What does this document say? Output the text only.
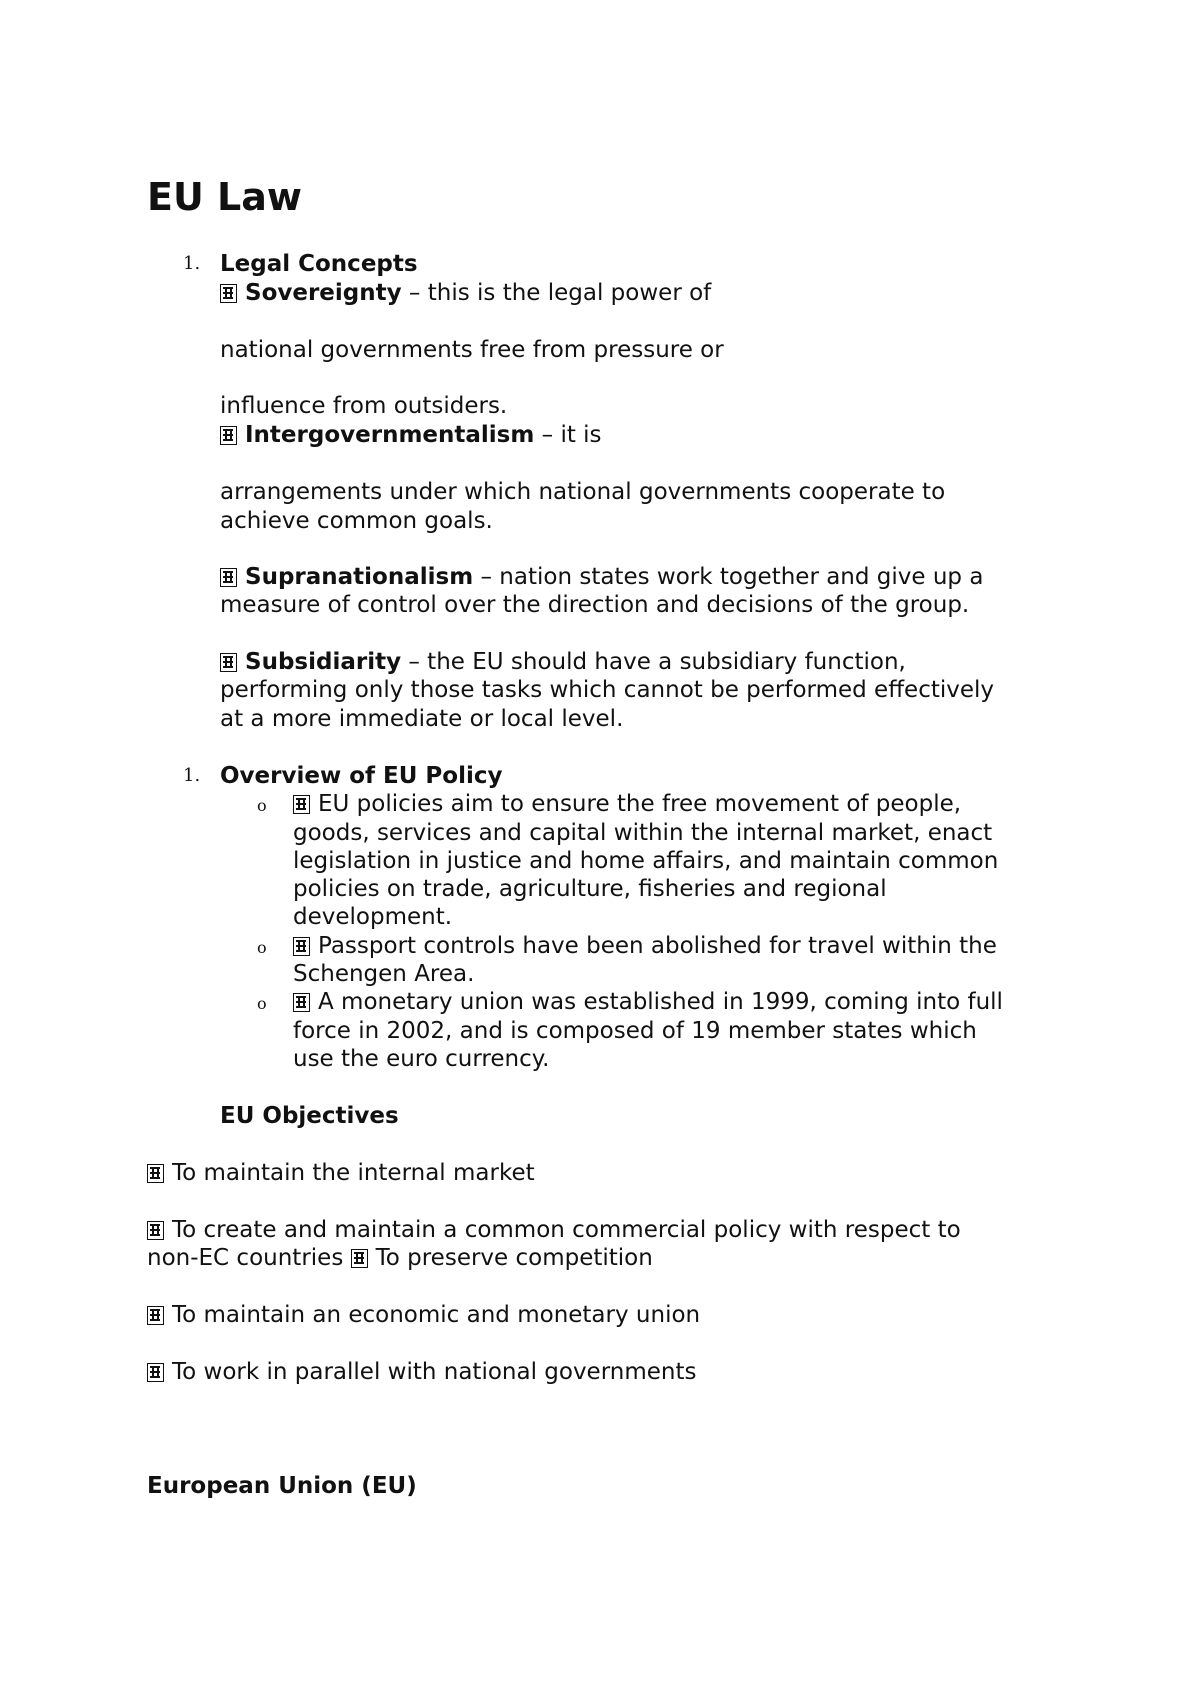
EU Law
1. Legal Concepts
Sovereignty – this is the legal power of
national governments free from pressure or
influence from outsiders.
Intergovernmentalism – it is
arrangements under which national governments cooperate to
achieve common goals.
Supranationalism – nation states work together and give up a
measure of control over the direction and decisions of the group.
Subsidiarity – the EU should have a subsidiary function,
performing only those tasks which cannot be performed effectively
at a more immediate or local level.
1. Overview of EU Policy
o	EU policies aim to ensure the free movement of people,
goods, services and capital within the internal market, enact
legislation in justice and home affairs, and maintain common
policies on trade, agriculture, fisheries and regional
development.
o	Passport controls have been abolished for travel within the
Schengen Area.
o	A monetary union was established in 1999, coming into full
force in 2002, and is composed of 19 member states which
use the euro currency.
EU Objectives
To maintain the internal market
To create and maintain a common commercial policy with respect to
non-EC countries To preserve competition
To maintain an economic and monetary union
To work in parallel with national governments
European Union (EU)
